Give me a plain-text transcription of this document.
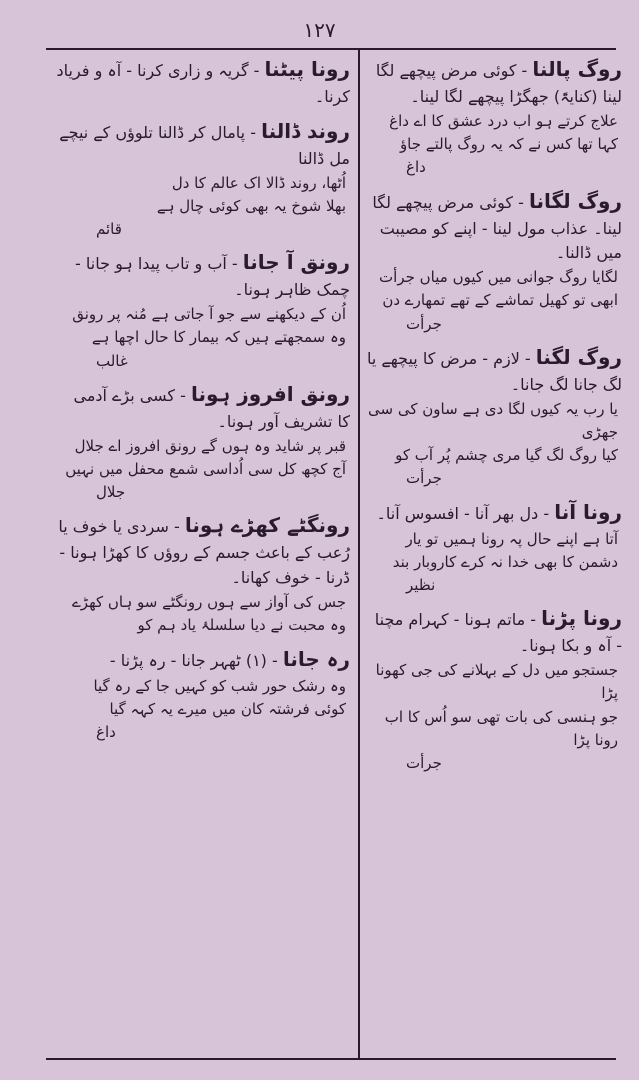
۱۲۷
روگ پالنا - کوئی مرض پیچھے لگا لینا (کنایۃً) جھگڑا پیچھے لگا لینا۔

علاج کرتے ہو اب درد عشق کا اے داغ

کہا تھا کس نے کہ یہ روگ پالتے جاؤ

داغ
روگ لگانا - کوئی مرض پیچھے لگا لینا۔ عذاب مول لینا - اپنے کو مصیبت میں ڈالنا۔

لگایا روگ جوانی میں کیوں میاں جرأت

ابھی تو کھیل تماشے کے تھے تمھارے دن

جرأت
روگ لگنا - لازم - مرض کا پیچھے یا لگ جانا لگ جانا۔

یا رب یہ کیوں لگا دی ہے ساون کی سی جھڑی

کیا روگ لگ گیا مری چشم پُر آب کو

جرأت
رونا آنا - دل بھر آنا - افسوس آنا۔

آتا ہے اپنے حال پہ رونا ہمیں تو یار

دشمن کا بھی خدا نہ کرے کاروبار بند

نظیر
رونا پڑنا - ماتم ہونا - کہرام مچنا - آہ و بکا ہونا۔

جستجو میں دل کے بہلانے کی جی کھونا پڑا

جو ہنسی کی بات تھی سو اُس کا اب رونا پڑا

جرأت
رونا پیٹنا - گریہ و زاری کرنا - آہ و فریاد کرنا۔
روند ڈالنا - پامال کر ڈالنا تلوؤں کے نیچے مل ڈالنا

اُٹھا، روند ڈالا اک عالم کا دل

بھلا شوخ یہ بھی کوئی چال ہے

قائم
رونق آ جانا - آب و تاب پیدا ہو جانا - چمک ظاہر ہونا۔

اُن کے دیکھنے سے جو آ جاتی ہے مُنہ پر رونق

وہ سمجھتے ہیں کہ بیمار کا حال اچھا ہے

غالب
رونق افروز ہونا - کسی بڑے آدمی کا تشریف آور ہونا۔

قبر پر شاید وہ ہوں گے رونق افروز اے جلال

آج کچھ کل سی اُداسی شمع محفل میں نہیں

جلال
رونگٹے کھڑے ہونا - سردی یا خوف یا رُعب کے باعث جسم کے روؤں کا کھڑا ہونا - ڈرنا - خوف کھانا۔

جس کی آواز سے ہوں رونگٹے سو ہاں کھڑے

وہ محبت نے دیا سلسلۂ یاد ہم کو

رہ جانا - (۱) ٹھہر جانا - رہ پڑنا -

وہ رشک حور شب کو کہیں جا کے رہ گیا

کوئی فرشتہ کان میں میرے یہ کہہ گیا

داغ
